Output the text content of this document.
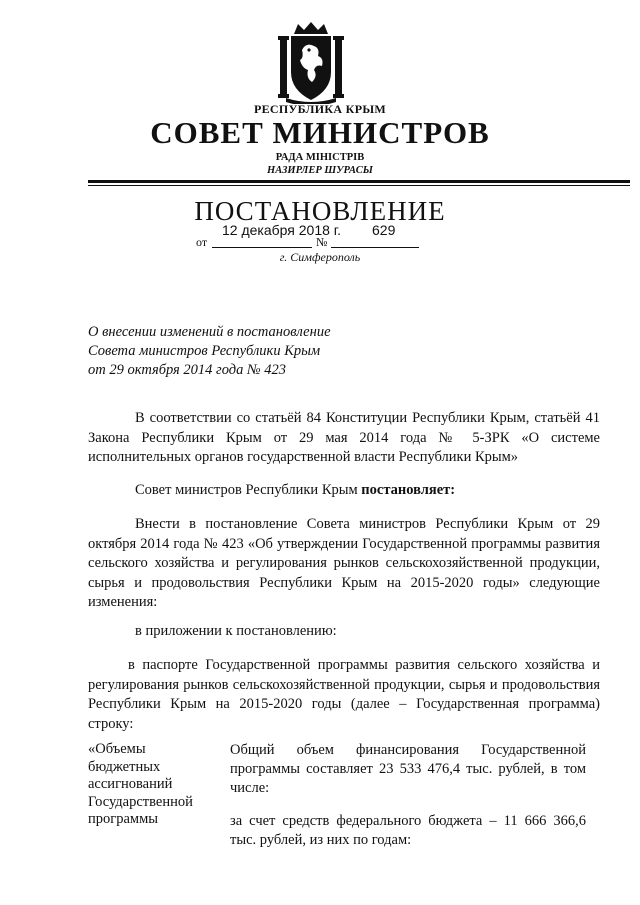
РЕСПУБЛИКА КРЫМ
СОВЕТ МИНИСТРОВ
РАДА МІНІСТРІВ
НАЗИРЛЕР ШУРАСЫ
ПОСТАНОВЛЕНИЕ
12 декабря 2018 г. 629
от	№
г. Симферополь
О внесении изменений в постановление
Совета министров Республики Крым
от 29 октября 2014 года № 423
В соответствии со статьёй 84 Конституции Республики Крым, статьёй 41 Закона Республики Крым от 29 мая 2014 года № 5-ЗРК «О системе исполнительных органов государственной власти Республики Крым»
Совет министров Республики Крым постановляет:
Внести в постановление Совета министров Республики Крым от 29 октября 2014 года № 423 «Об утверждении Государственной программы развития сельского хозяйства и регулирования рынков сельскохозяйственной продукции, сырья и продовольствия Республики Крым на 2015-2020 годы» следующие изменения:
в приложении к постановлению:
в паспорте Государственной программы развития сельского хозяйства и регулирования рынков сельскохозяйственной продукции, сырья и продовольствия Республики Крым на 2015-2020 годы (далее – Государственная программа) строку:
«Объемы бюджетных ассигнований Государственной программы
Общий объем финансирования Государственной программы составляет 23 533 476,4 тыс. рублей, в том числе:
за счет средств федерального бюджета – 11 666 366,6 тыс. рублей, из них по годам:
